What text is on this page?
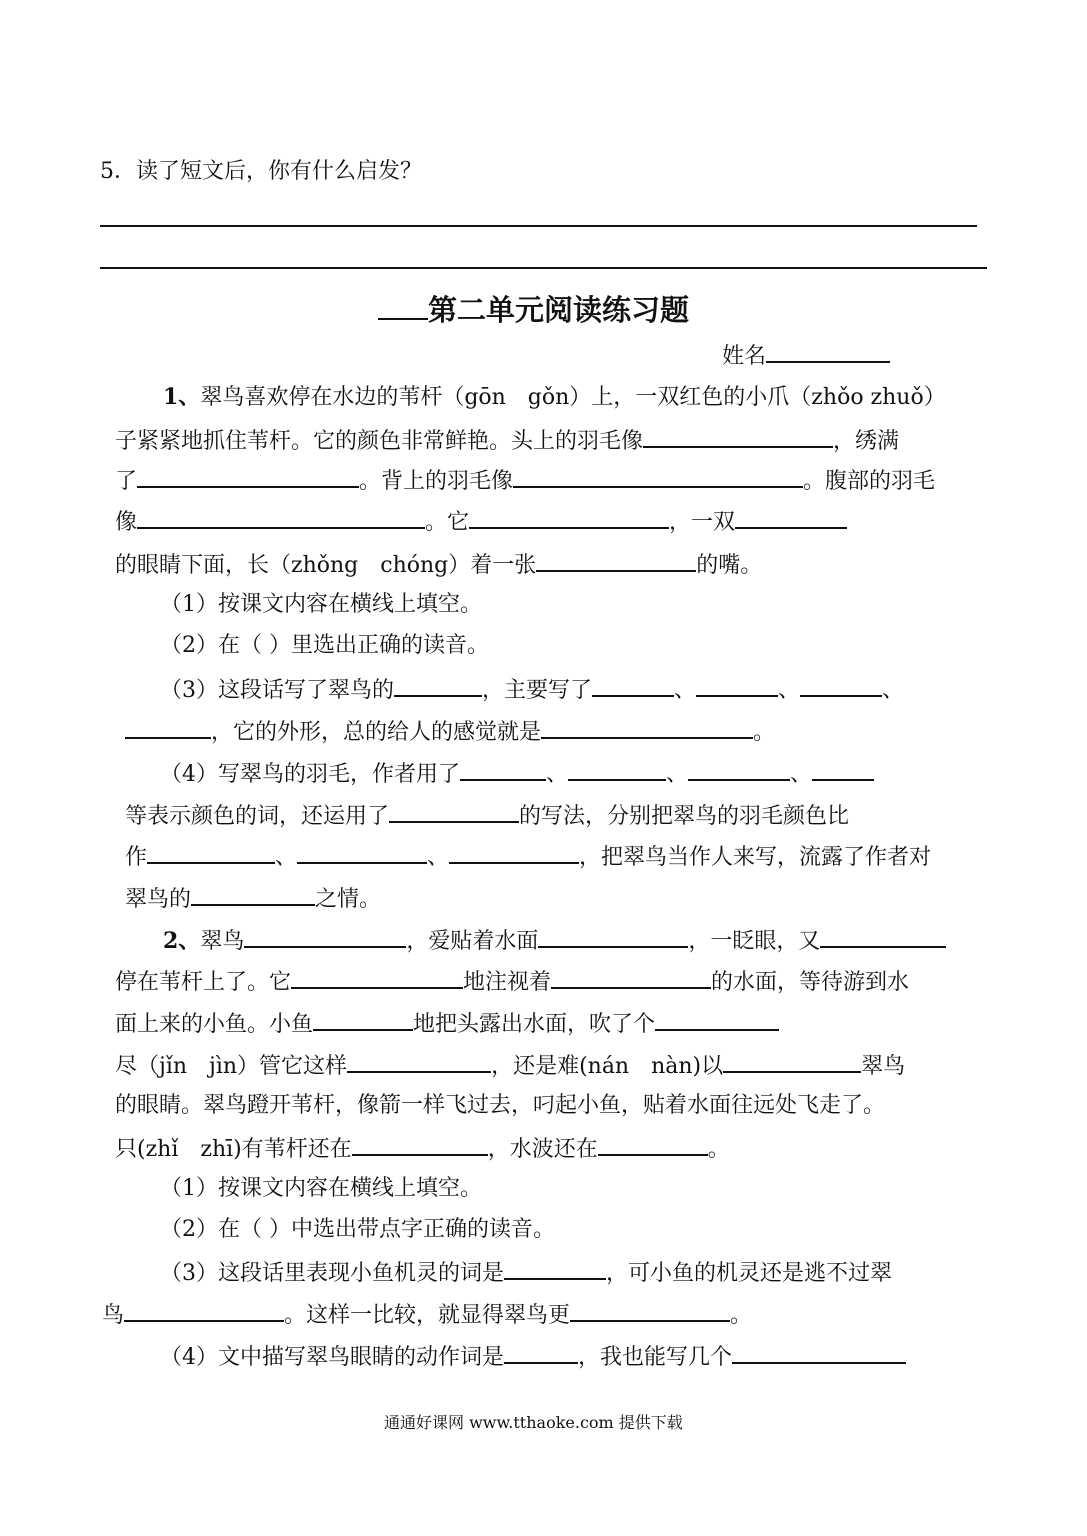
5．读了短文后，你有什么启发？
第二单元阅读练习题
姓名
1、翠鸟喜欢停在水边的苇杆（gōn　gǒn）上，一双红色的小爪（zhǒo zhuǒ）
子紧紧地抓住苇杆。它的颜色非常鲜艳。头上的羽毛像	，绣满
了	。背上的羽毛像	。腹部的羽毛
像	。它	，一双
的眼睛下面，长（zhǒng　chóng）着一张	的嘴。
（1）按课文内容在横线上填空。
（2）在（ ）里选出正确的读音。
（3）这段话写了翠鸟的	，主要写了	、	、	、
，它的外形，总的给人的感觉就是	。
（4）写翠鸟的羽毛，作者用了	、	、	、
等表示颜色的词，还运用了	的写法，分别把翠鸟的羽毛颜色比
作	、	、	，把翠鸟当作人来写，流露了作者对
翠鸟的	之情。
2、翠鸟	，爱贴着水面	，一眨眼，又
停在苇杆上了。它	地注视着	的水面，等待游到水
面上来的小鱼。小鱼	地把头露出水面，吹了个
尽（jǐn　jìn）管它这样	，还是难(nán　nàn)以	翠鸟
的眼睛。翠鸟蹬开苇杆，像箭一样飞过去，叼起小鱼，贴着水面往远处飞走了。
只(zhǐ　zhī)有苇杆还在	，水波还在	。
（1）按课文内容在横线上填空。
（2）在（ ）中选出带点字正确的读音。
（3）这段话里表现小鱼机灵的词是	，可小鱼的机灵还是逃不过翠
鸟	。这样一比较，就显得翠鸟更	。
（4）文中描写翠鸟眼睛的动作词是	，我也能写几个
通通好课网 www.tthaoke.com 提供下载
